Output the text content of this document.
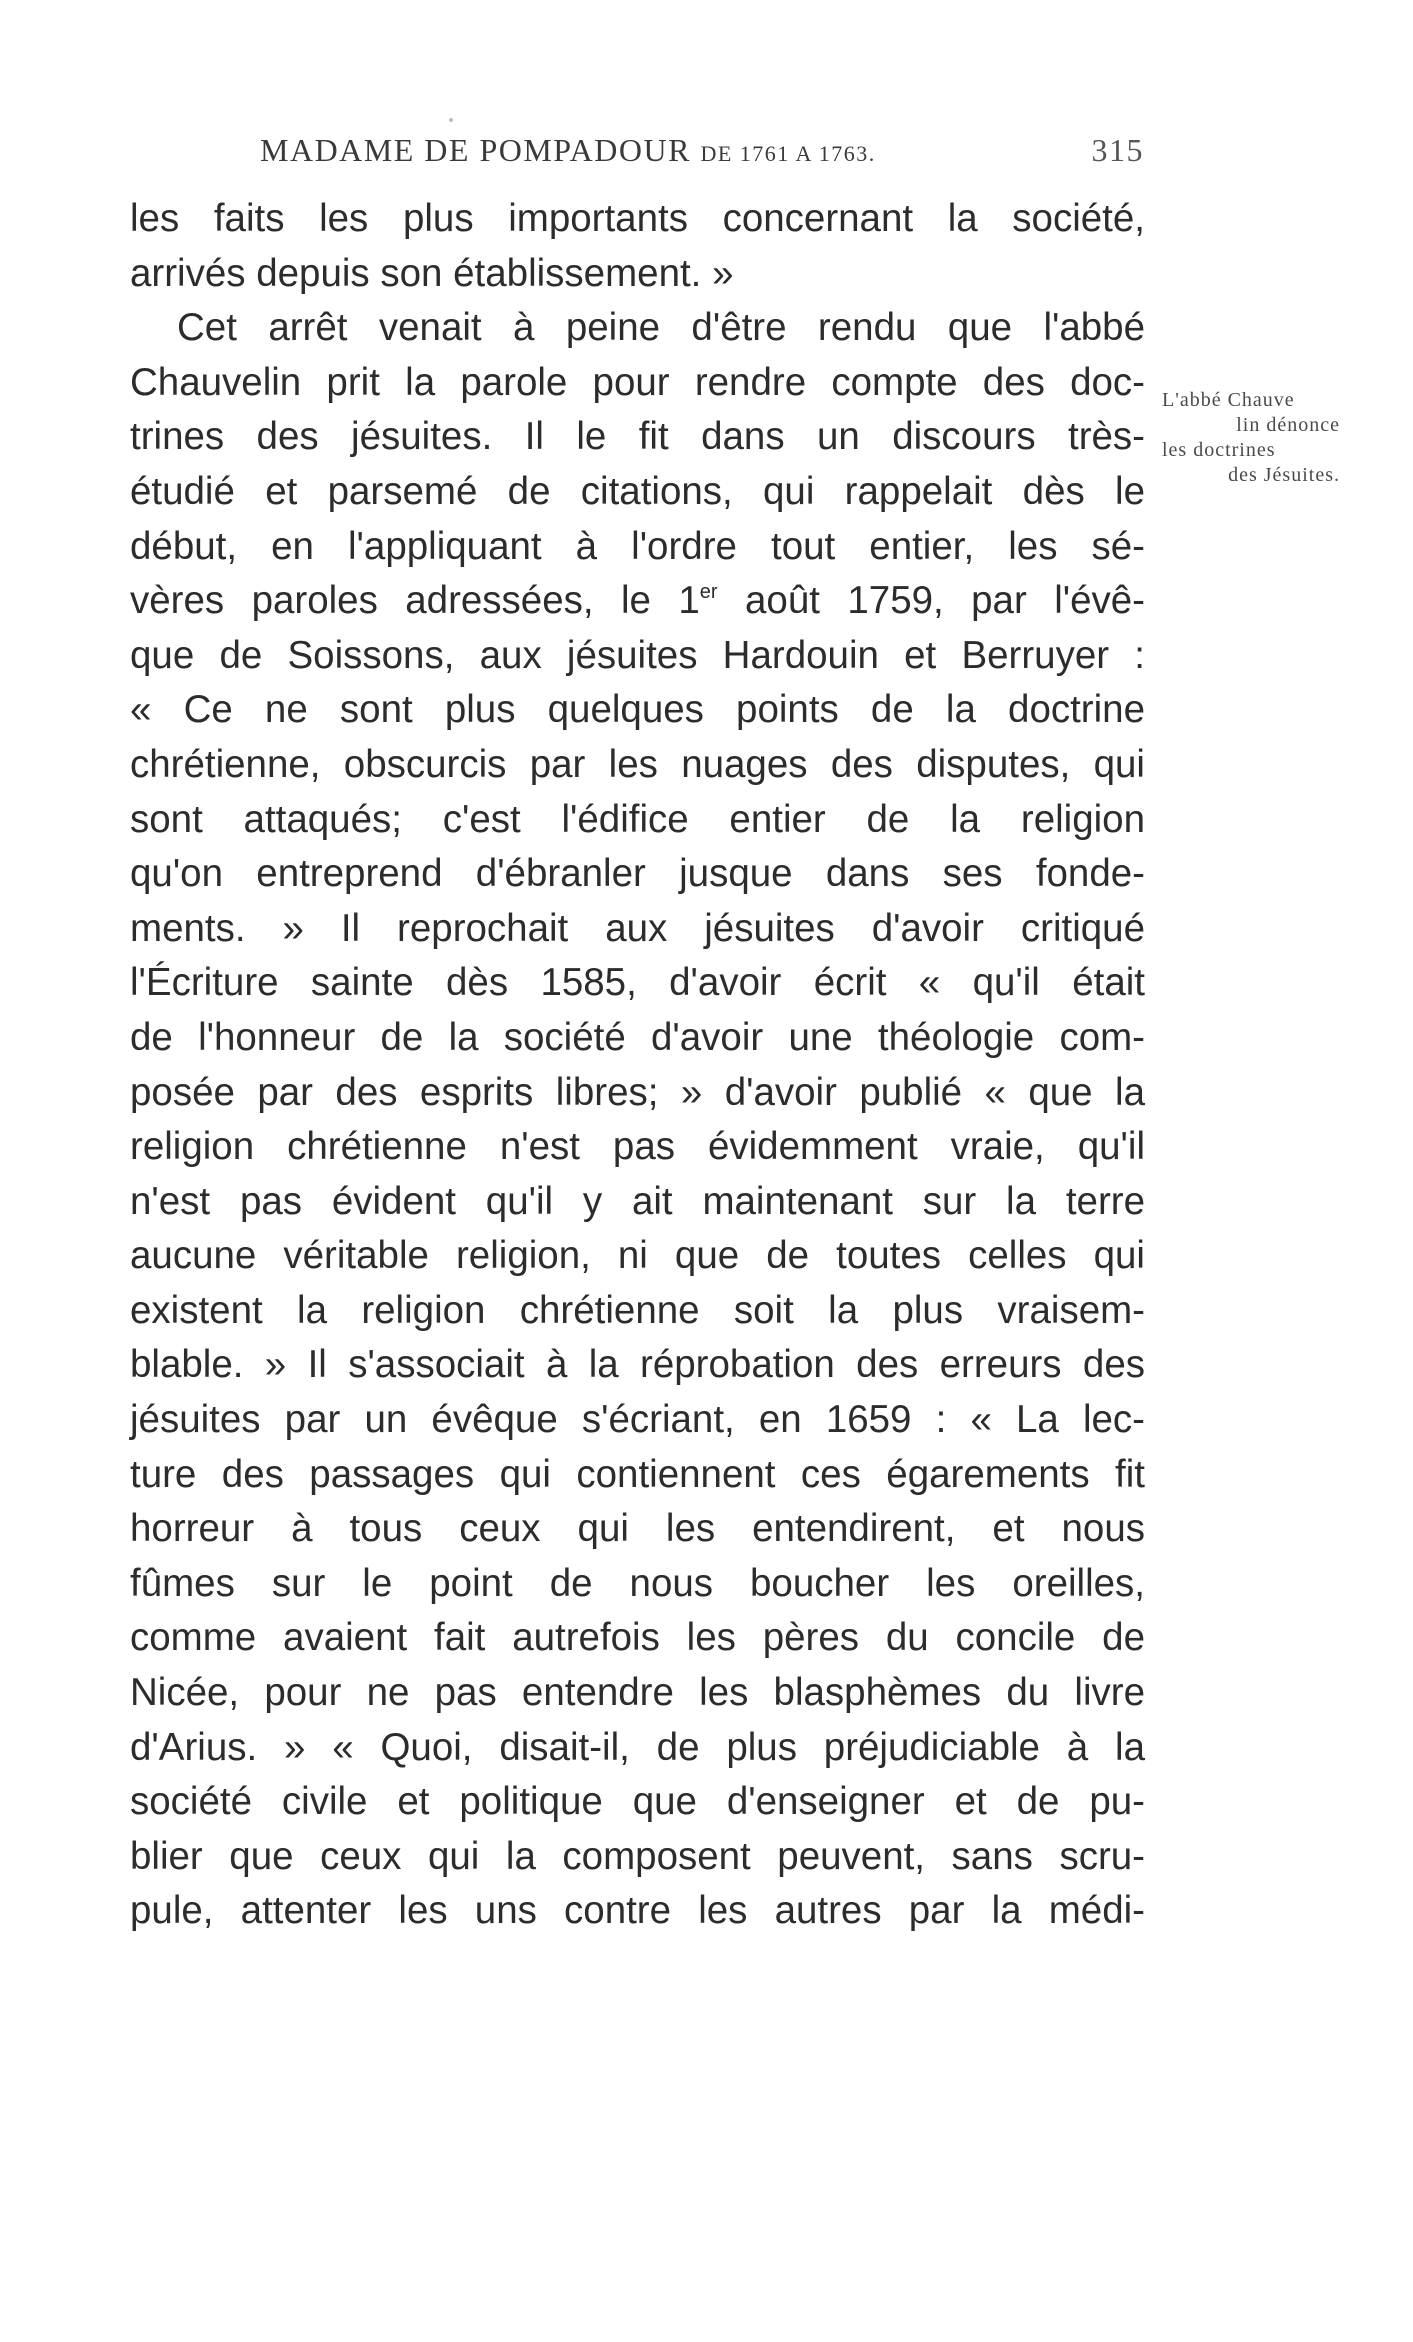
MADAME DE POMPADOUR DE 1761 A 1763.	315
L'abbé Chauve
lin dénonce
les doctrines
des Jésuites.
les faits les plus importants concernant la société,
arrivés depuis son établissement. »
Cet arrêt venait à peine d'être rendu que l'abbé
Chauvelin prit la parole pour rendre compte des doc-
trines des jésuites. Il le fit dans un discours très-
étudié et parsemé de citations, qui rappelait dès le
début, en l'appliquant à l'ordre tout entier, les sé-
vères paroles adressées, le 1er août 1759, par l'évê-
que de Soissons, aux jésuites Hardouin et Berruyer :
« Ce ne sont plus quelques points de la doctrine
chrétienne, obscurcis par les nuages des disputes, qui
sont attaqués; c'est l'édifice entier de la religion
qu'on entreprend d'ébranler jusque dans ses fonde-
ments. » Il reprochait aux jésuites d'avoir critiqué
l'Écriture sainte dès 1585, d'avoir écrit « qu'il était
de l'honneur de la société d'avoir une théologie com-
posée par des esprits libres; » d'avoir publié « que la
religion chrétienne n'est pas évidemment vraie, qu'il
n'est pas évident qu'il y ait maintenant sur la terre
aucune véritable religion, ni que de toutes celles qui
existent la religion chrétienne soit la plus vraisem-
blable. » Il s'associait à la réprobation des erreurs des
jésuites par un évêque s'écriant, en 1659 : « La lec-
ture des passages qui contiennent ces égarements fit
horreur à tous ceux qui les entendirent, et nous
fûmes sur le point de nous boucher les oreilles,
comme avaient fait autrefois les pères du concile de
Nicée, pour ne pas entendre les blasphèmes du livre
d'Arius. » « Quoi, disait-il, de plus préjudiciable à la
société civile et politique que d'enseigner et de pu-
blier que ceux qui la composent peuvent, sans scru-
pule, attenter les uns contre les autres par la médi-
